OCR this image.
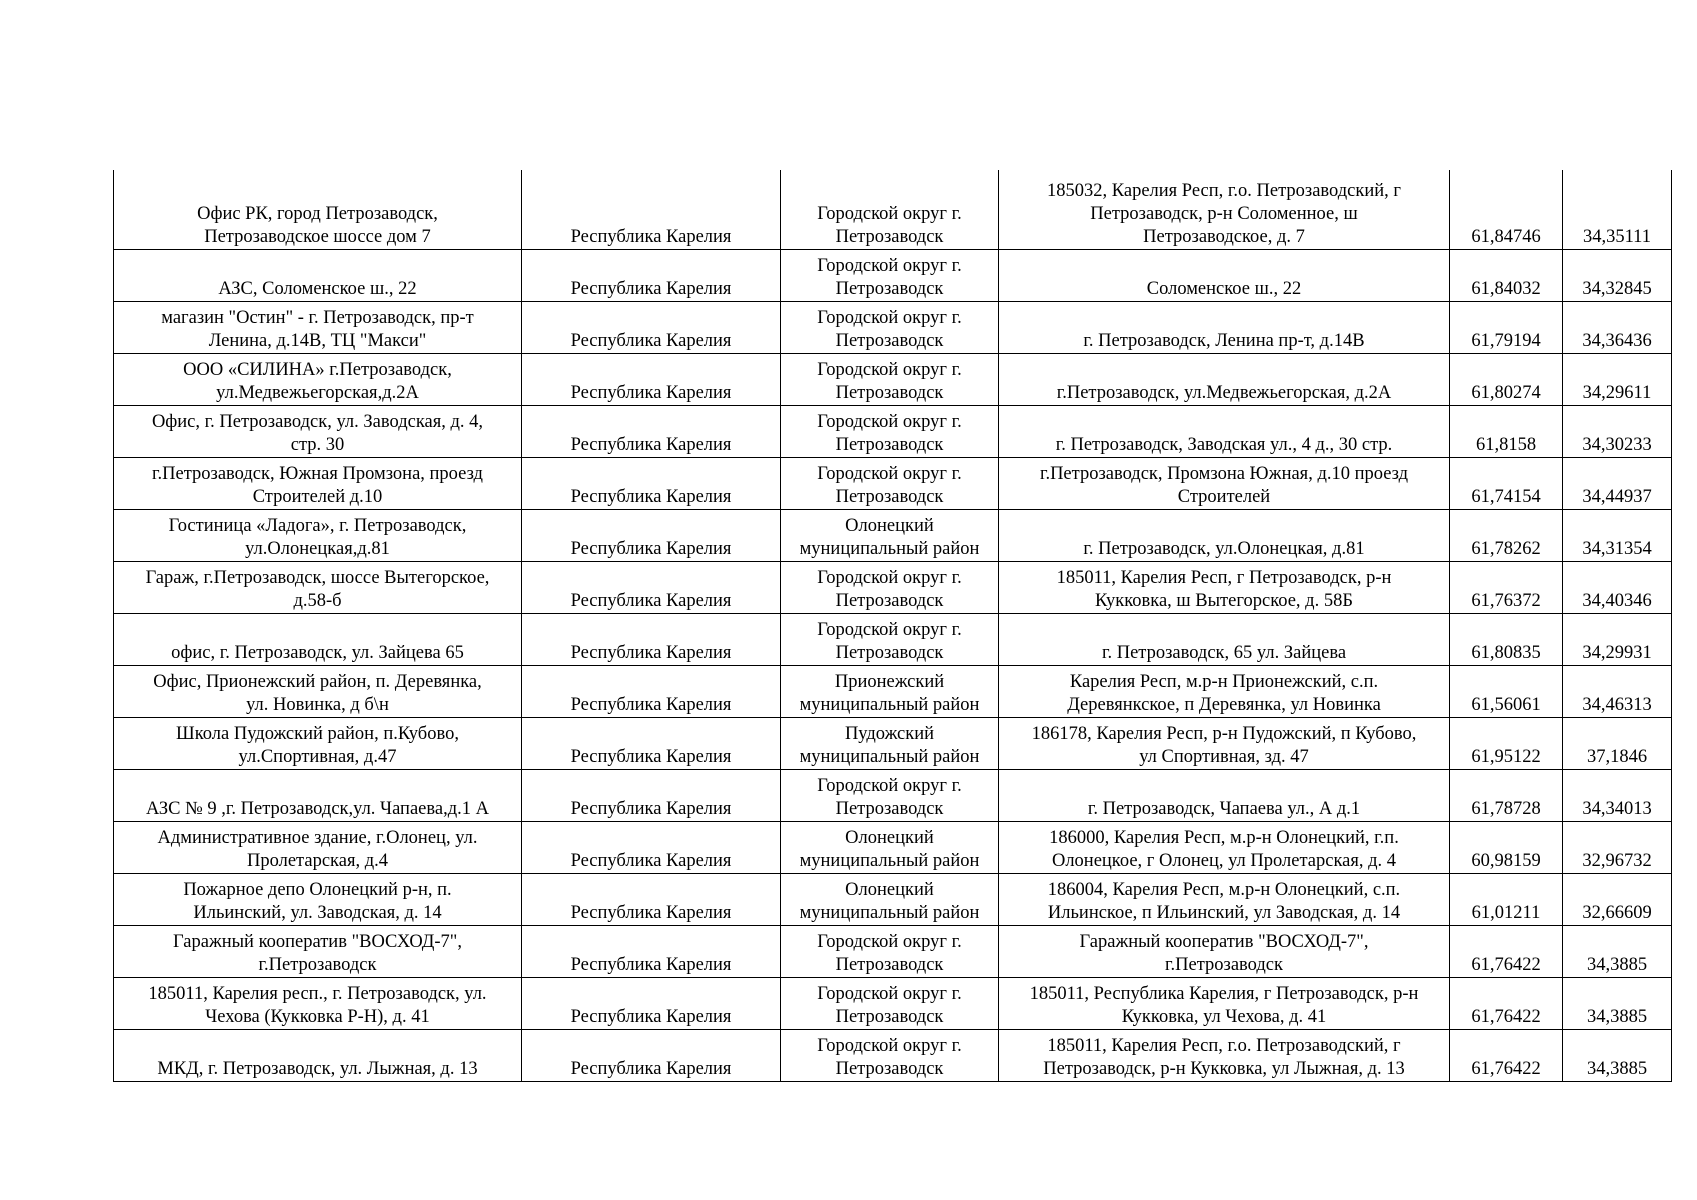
Офис РК, город Петрозаводск,
Петрозаводское шоссе дом 7	Республика Карелия	Городской округ г.
Петрозаводск	185032, Карелия Респ, г.о. Петрозаводский, г
Петрозаводск, р-н Соломенное, ш
Петрозаводское, д. 7	61,84746	34,35111

АЗС, Соломенское ш., 22	Республика Карелия	Городской округ г.
Петрозаводск	Соломенское ш., 22	61,84032	34,32845

магазин "Остин" - г. Петрозаводск, пр-т
Ленина, д.14В, ТЦ "Макси"	Республика Карелия	Городской округ г.
Петрозаводск	г. Петрозаводск, Ленина пр-т, д.14В	61,79194	34,36436

ООО «СИЛИНА» г.Петрозаводск,
ул.Медвежьегорская,д.2А	Республика Карелия	Городской округ г.
Петрозаводск	г.Петрозаводск, ул.Медвежьегорская, д.2А	61,80274	34,29611

Офис, г. Петрозаводск, ул. Заводская, д. 4,
стр. 30	Республика Карелия	Городской округ г.
Петрозаводск	г. Петрозаводск, Заводская ул., 4 д., 30 стр.	61,8158	34,30233

г.Петрозаводск, Южная Промзона, проезд
Строителей д.10	Республика Карелия	Городской округ г.
Петрозаводск	г.Петрозаводск, Промзона Южная, д.10 проезд
Строителей	61,74154	34,44937

Гостиница «Ладога», г. Петрозаводск,
ул.Олонецкая,д.81	Республика Карелия	Олонецкий
муниципальный район	г. Петрозаводск, ул.Олонецкая, д.81	61,78262	34,31354

Гараж, г.Петрозаводск, шоссе Вытегорское,
д.58-б	Республика Карелия	Городской округ г.
Петрозаводск	185011, Карелия Респ, г Петрозаводск, р-н
Кукковка, ш Вытегорское, д. 58Б	61,76372	34,40346

офис, г. Петрозаводск, ул. Зайцева 65	Республика Карелия	Городской округ г.
Петрозаводск	г. Петрозаводск, 65 ул. Зайцева	61,80835	34,29931

Офис, Прионежский район, п. Деревянка,
ул. Новинка, д б\н	Республика Карелия	Прионежский
муниципальный район	Карелия Респ, м.р-н Прионежский, с.п.
Деревянкское, п Деревянка, ул Новинка	61,56061	34,46313

Школа Пудожский район, п.Кубово,
ул.Спортивная, д.47	Республика Карелия	Пудожский
муниципальный район	186178, Карелия Респ, р-н Пудожский, п Кубово,
ул Спортивная, зд. 47	61,95122	37,1846

АЗС № 9 ,г. Петрозаводск,ул. Чапаева,д.1 А	Республика Карелия	Городской округ г.
Петрозаводск	г. Петрозаводск, Чапаева ул., А д.1	61,78728	34,34013

Административное здание, г.Олонец, ул.
Пролетарская, д.4	Республика Карелия	Олонецкий
муниципальный район	186000, Карелия Респ, м.р-н Олонецкий, г.п.
Олонецкое, г Олонец, ул Пролетарская, д. 4	60,98159	32,96732

Пожарное депо Олонецкий р-н, п.
Ильинский, ул. Заводская, д. 14	Республика Карелия	Олонецкий
муниципальный район	186004, Карелия Респ, м.р-н Олонецкий, с.п.
Ильинское, п Ильинский, ул Заводская, д. 14	61,01211	32,66609

Гаражный кооператив "ВОСХОД-7",
г.Петрозаводск	Республика Карелия	Городской округ г.
Петрозаводск	Гаражный кооператив "ВОСХОД-7",
г.Петрозаводск	61,76422	34,3885

185011, Карелия респ., г. Петрозаводск, ул.
Чехова (Кукковка Р-Н), д. 41	Республика Карелия	Городской округ г.
Петрозаводск	185011, Республика Карелия, г Петрозаводск, р-н
Кукковка, ул Чехова, д. 41	61,76422	34,3885

МКД, г. Петрозаводск, ул. Лыжная, д. 13	Республика Карелия	Городской округ г.
Петрозаводск	185011, Карелия Респ, г.о. Петрозаводский, г
Петрозаводск, р-н Кукковка, ул Лыжная, д. 13	61,76422	34,3885
